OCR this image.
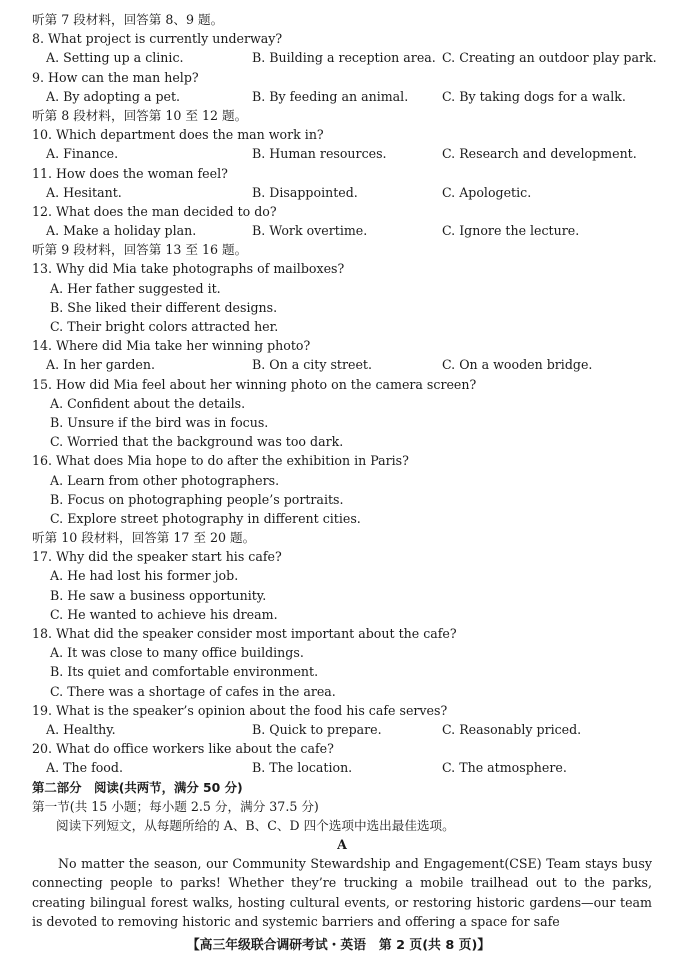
听第 7 段材料，回答第 8、9 题。
8. What project is currently underway?
A. Setting up a clinic.	B. Building a reception area. C. Creating an outdoor play park.
9. How can the man help?
A. By adopting a pet.	B. By feeding an animal.	C. By taking dogs for a walk.
听第 8 段材料，回答第 10 至 12 题。
10. Which department does the man work in?
A. Finance.	B. Human resources.	C. Research and development.
11. How does the woman feel?
A. Hesitant.	B. Disappointed.	C. Apologetic.
12. What does the man decided to do?
A. Make a holiday plan.	B. Work overtime.	C. Ignore the lecture.
听第 9 段材料，回答第 13 至 16 题。
13. Why did Mia take photographs of mailboxes?
A. Her father suggested it.
B. She liked their different designs.
C. Their bright colors attracted her.
14. Where did Mia take her winning photo?
A. In her garden.	B. On a city street.	C. On a wooden bridge.
15. How did Mia feel about her winning photo on the camera screen?
A. Confident about the details.
B. Unsure if the bird was in focus.
C. Worried that the background was too dark.
16. What does Mia hope to do after the exhibition in Paris?
A. Learn from other photographers.
B. Focus on photographing people’s portraits.
C. Explore street photography in different cities.
听第 10 段材料，回答第 17 至 20 题。
17. Why did the speaker start his cafe?
A. He had lost his former job.
B. He saw a business opportunity.
C. He wanted to achieve his dream.
18. What did the speaker consider most important about the cafe?
A. It was close to many office buildings.
B. Its quiet and comfortable environment.
C. There was a shortage of cafes in the area.
19. What is the speaker’s opinion about the food his cafe serves?
A. Healthy.	B. Quick to prepare.	C. Reasonably priced.
20. What do office workers like about the cafe?
A. The food.	B. The location.	C. The atmosphere.
第二部分　阅读(共两节，满分 50 分)
第一节(共 15 小题；每小题 2.5 分，满分 37.5 分)
阅读下列短文，从每题所给的 A、B、C、D 四个选项中选出最佳选项。
A
No matter the season, our Community Stewardship and Engagement(CSE) Team stays busy connecting people to parks! Whether they’re trucking a mobile trailhead out to the parks, creating bilingual forest walks, hosting cultural events, or restoring historic gardens—our team is devoted to removing historic and systemic barriers and offering a space for safe
【高三年级联合调研考试・英语　第 2 页(共 8 页)】
